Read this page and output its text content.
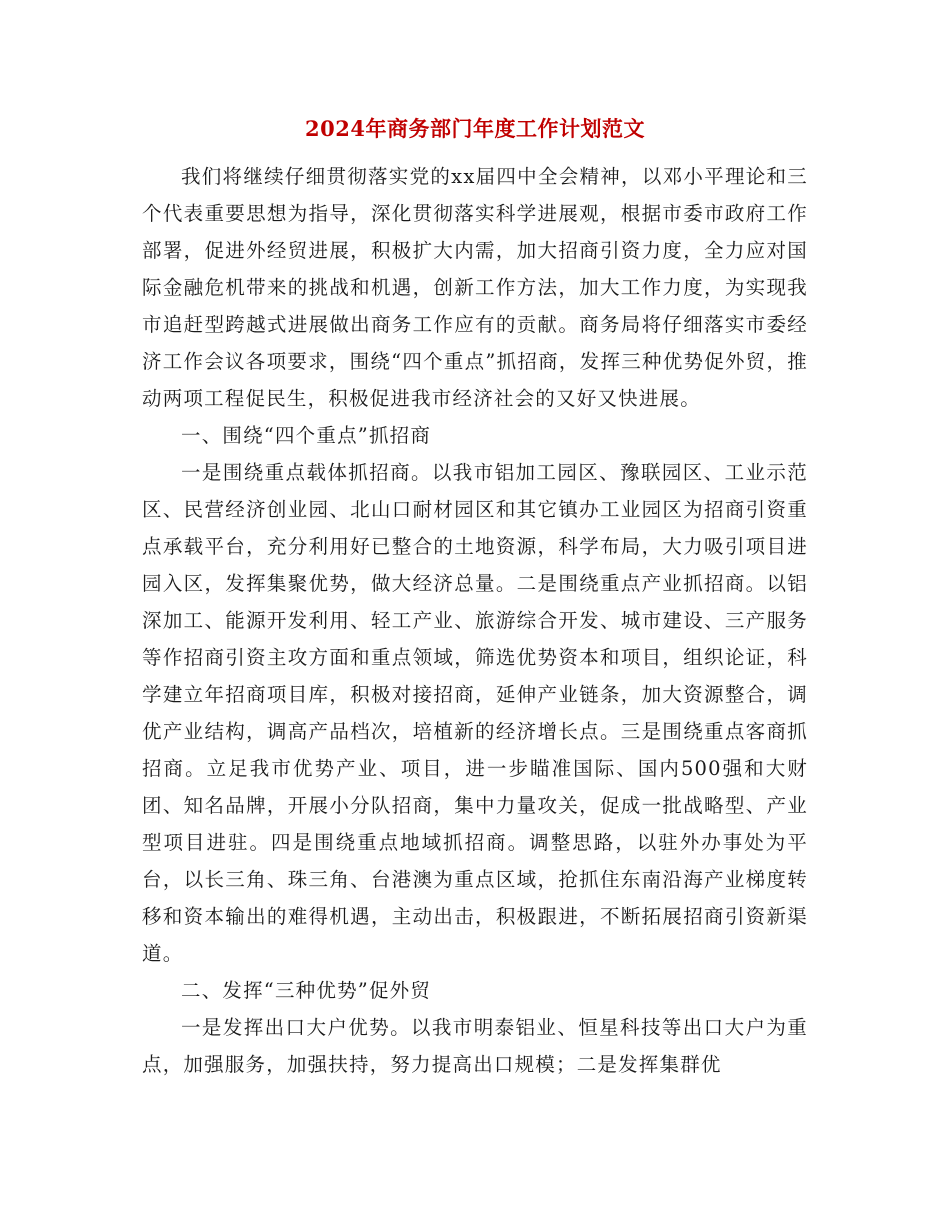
2024年商务部门年度工作计划范文

我们将继续仔细贯彻落实党的xx届四中全会精神，以邓小平理论和三个代表重要思想为指导，深化贯彻落实科学进展观，根据市委市政府工作部署，促进外经贸进展，积极扩大内需，加大招商引资力度，全力应对国际金融危机带来的挑战和机遇，创新工作方法，加大工作力度，为实现我市追赶型跨越式进展做出商务工作应有的贡献。商务局将仔细落实市委经济工作会议各项要求，围绕“四个重点”抓招商，发挥三种优势促外贸，推动两项工程促民生，积极促进我市经济社会的又好又快进展。

一、围绕“四个重点”抓招商

一是围绕重点载体抓招商。以我市铝加工园区、豫联园区、工业示范区、民营经济创业园、北山口耐材园区和其它镇办工业园区为招商引资重点承载平台，充分利用好已整合的土地资源，科学布局，大力吸引项目进园入区，发挥集聚优势，做大经济总量。二是围绕重点产业抓招商。以铝深加工、能源开发利用、轻工产业、旅游综合开发、城市建设、三产服务等作招商引资主攻方面和重点领域，筛选优势资本和项目，组织论证，科学建立年招商项目库，积极对接招商，延伸产业链条，加大资源整合，调优产业结构，调高产品档次，培植新的经济增长点。三是围绕重点客商抓招商。立足我市优势产业、项目，进一步瞄准国际、国内500强和大财团、知名品牌，开展小分队招商，集中力量攻关，促成一批战略型、产业型项目进驻。四是围绕重点地域抓招商。调整思路，以驻外办事处为平台，以长三角、珠三角、台港澳为重点区域，抢抓住东南沿海产业梯度转移和资本输出的难得机遇，主动出击，积极跟进，不断拓展招商引资新渠道。

二、发挥“三种优势”促外贸

一是发挥出口大户优势。以我市明泰铝业、恒星科技等出口大户为重点，加强服务，加强扶持，努力提高出口规模；二是发挥集群优
